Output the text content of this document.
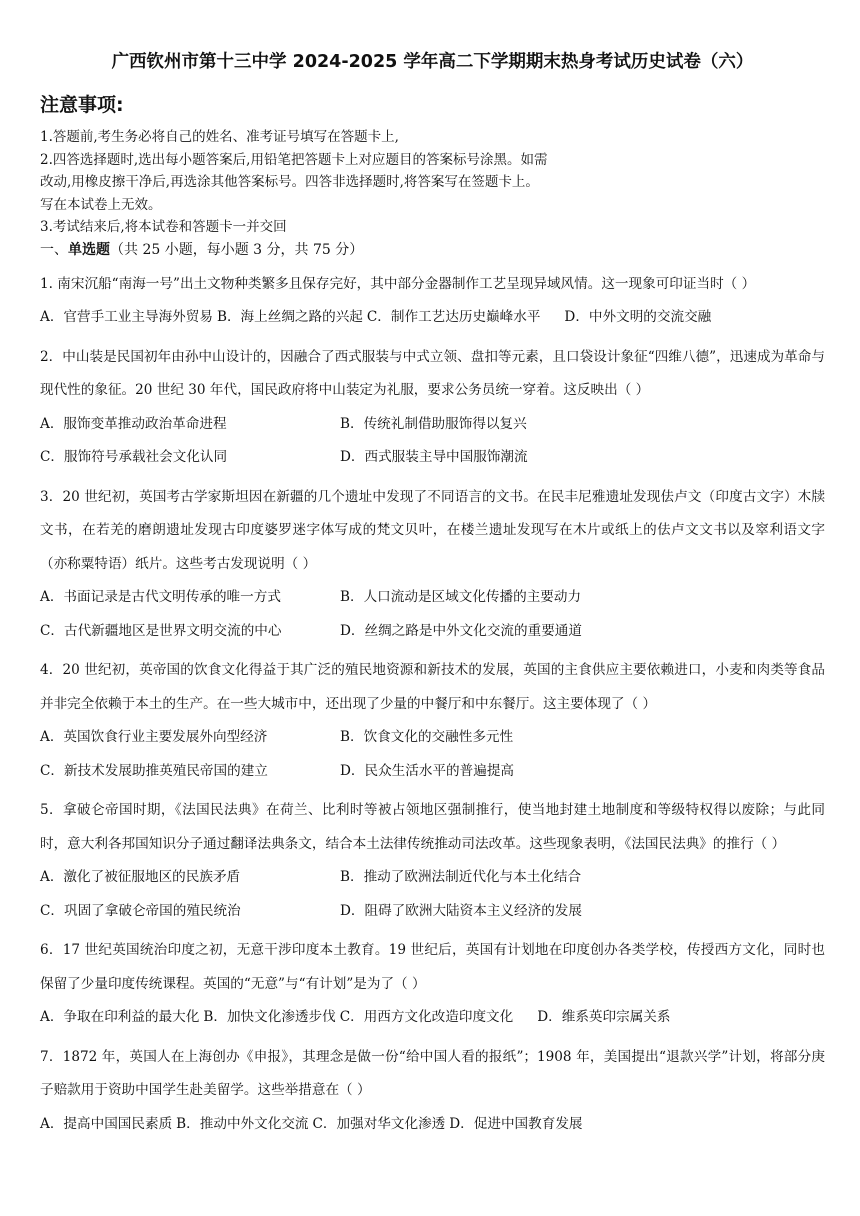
广西钦州市第十三中学 2024-2025 学年高二下学期期末热身考试历史试卷（六）
注意事项:
1.答题前,考生务必将自己的姓名、准考证号填写在答题卡上,
2.四答选择题时,选出每小题答案后,用铅笔把答题卡上对应题目的答案标号涂黑。如需
改动,用橡皮擦干净后,再选涂其他答案标号。四答非选择题时,将答案写在签题卡上。
写在本试卷上无效。
3.考试结来后,将本试卷和答题卡一并交回
一、单选题（共 25 小题，每小题 3 分，共 75 分）
1. 南宋沉船“南海一号”出土文物种类繁多且保存完好，其中部分金器制作工艺呈现异域风情。这一现象可印证当时（ ）
A．官营手工业主导海外贸易 B．海上丝绸之路的兴起 C．制作工艺达历史巅峰水平 D．中外文明的交流交融
2．中山装是民国初年由孙中山设计的，因融合了西式服装与中式立领、盘扣等元素，且口袋设计象征“四维八德”，迅速成为革命与现代性的象征。20 世纪 30 年代，国民政府将中山装定为礼服，要求公务员统一穿着。这反映出（ ）
A．服饰变革推动政治革命进程	B．传统礼制借助服饰得以复兴
C．服饰符号承载社会文化认同	D．西式服装主导中国服饰潮流
3．20 世纪初，英国考古学家斯坦因在新疆的几个遗址中发现了不同语言的文书。在民丰尼雅遗址发现佉卢文（印度古文字）木牍文书，在若羌的磨朗遗址发现古印度婆罗迷字体写成的梵文贝叶，在楼兰遗址发现写在木片或纸上的佉卢文文书以及窣利语文字（亦称粟特语）纸片。这些考古发现说明（ ）
A．书面记录是古代文明传承的唯一方式	B．人口流动是区域文化传播的主要动力
C．古代新疆地区是世界文明交流的中心	D．丝绸之路是中外文化交流的重要通道
4．20 世纪初，英帝国的饮食文化得益于其广泛的殖民地资源和新技术的发展，英国的主食供应主要依赖进口，小麦和肉类等食品并非完全依赖于本土的生产。在一些大城市中，还出现了少量的中餐厅和中东餐厅。这主要体现了（ ）
A．英国饮食行业主要发展外向型经济	B．饮食文化的交融性多元性
C．新技术发展助推英殖民帝国的建立	D．民众生活水平的普遍提高
5．拿破仑帝国时期，《法国民法典》在荷兰、比利时等被占领地区强制推行，使当地封建土地制度和等级特权得以废除；与此同时，意大利各邦国知识分子通过翻译法典条文，结合本土法律传统推动司法改革。这些现象表明，《法国民法典》的推行（ ）
A．激化了被征服地区的民族矛盾	B．推动了欧洲法制近代化与本土化结合
C．巩固了拿破仑帝国的殖民统治	D．阻碍了欧洲大陆资本主义经济的发展
6．17 世纪英国统治印度之初，无意干涉印度本土教育。19 世纪后，英国有计划地在印度创办各类学校，传授西方文化，同时也保留了少量印度传统课程。英国的“无意”与“有计划”是为了（ ）
A．争取在印利益的最大化 B．加快文化渗透步伐 C．用西方文化改造印度文化 D．维系英印宗属关系
7．1872 年，英国人在上海创办《申报》，其理念是做一份“给中国人看的报纸”；1908 年，美国提出“退款兴学”计划，将部分庚子赔款用于资助中国学生赴美留学。这些举措意在（ ）
A．提高中国国民素质 B．推动中外文化交流 C．加强对华文化渗透 D．促进中国教育发展
